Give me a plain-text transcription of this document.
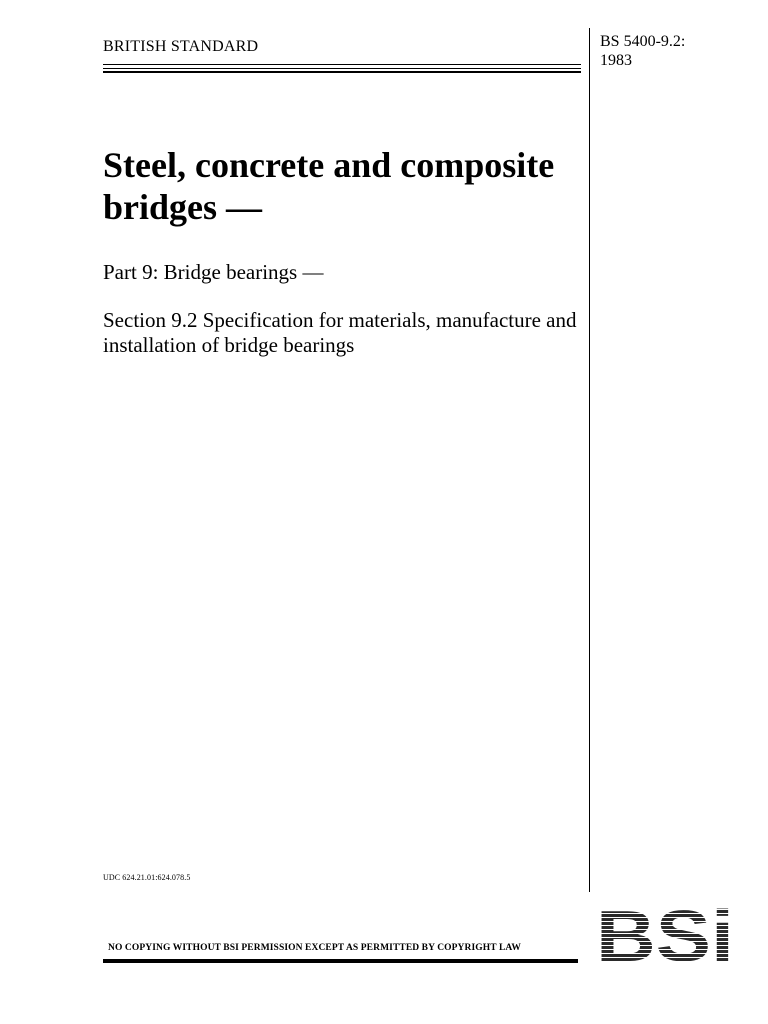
BRITISH STANDARD	BS 5400-9.2:
1983
Steel, concrete and composite bridges —
Part 9: Bridge bearings —
Section 9.2 Specification for materials, manufacture and installation of bridge bearings
UDC 624.21.01:624.078.5
NO COPYING WITHOUT BSI PERMISSION EXCEPT AS PERMITTED BY COPYRIGHT LAW BSi
